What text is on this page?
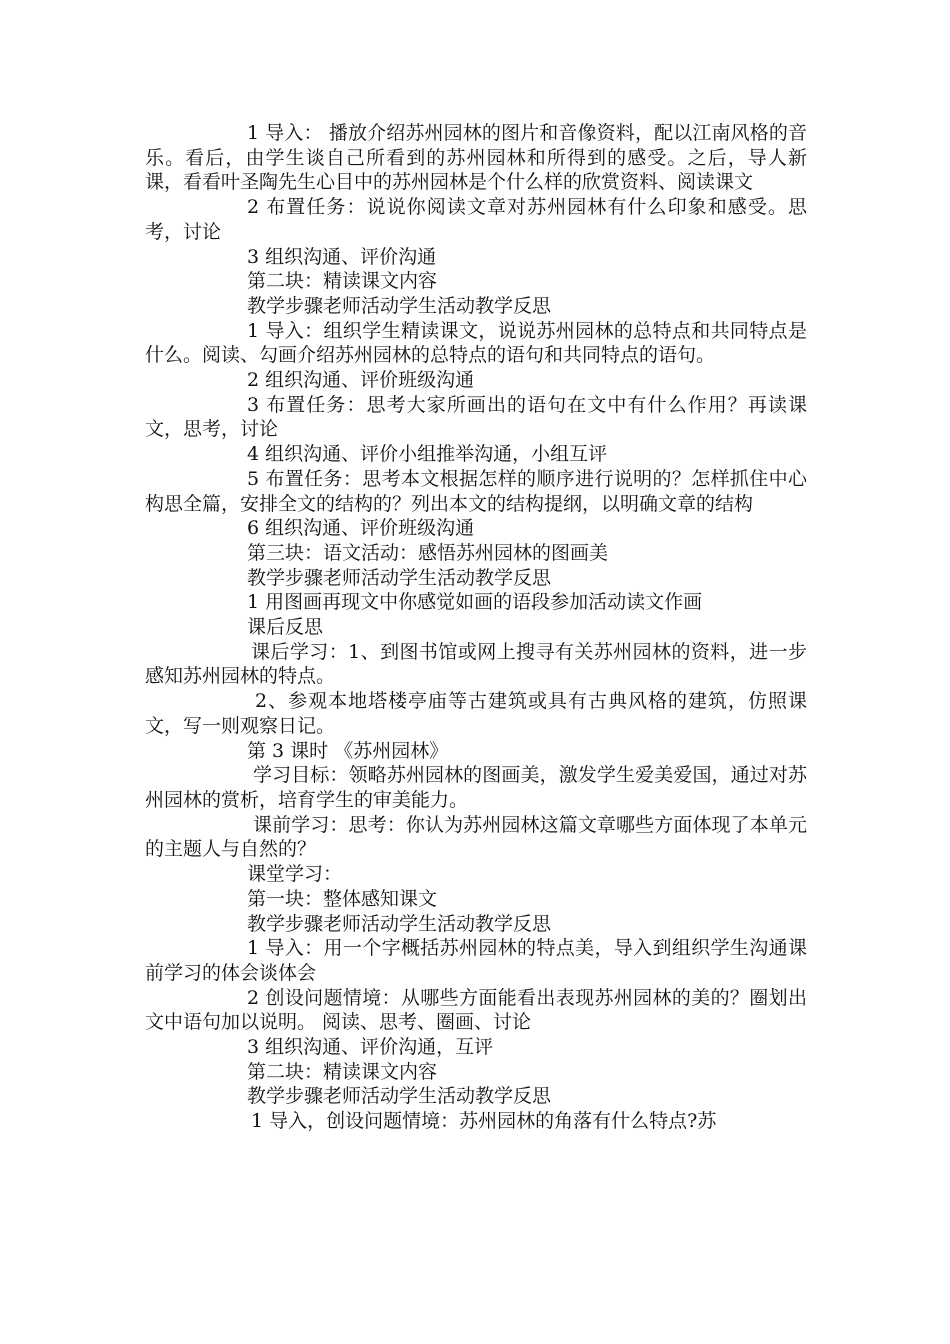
1 导入： 播放介绍苏州园林的图片和音像资料，配以江南风格的音乐。看后，由学生谈自己所看到的苏州园林和所得到的感受。之后，导人新课，看看叶圣陶先生心目中的苏州园林是个什么样的欣赏资料、阅读课文

2 布置任务：说说你阅读文章对苏州园林有什么印象和感受。思考，讨论

3 组织沟通、评价沟通

第二块：精读课文内容

教学步骤老师活动学生活动教学反思

1 导入：组织学生精读课文，说说苏州园林的总特点和共同特点是什么。阅读、勾画介绍苏州园林的总特点的语句和共同特点的语句。

2 组织沟通、评价班级沟通

3 布置任务：思考大家所画出的语句在文中有什么作用？再读课文，思考，讨论

4 组织沟通、评价小组推举沟通，小组互评

5 布置任务：思考本文根据怎样的顺序进行说明的？怎样抓住中心构思全篇，安排全文的结构的？列出本文的结构提纲，以明确文章的结构

6 组织沟通、评价班级沟通

第三块：语文活动：感悟苏州园林的图画美

教学步骤老师活动学生活动教学反思

1 用图画再现文中你感觉如画的语段参加活动读文作画

课后反思

课后学习：1、到图书馆或网上搜寻有关苏州园林的资料，进一步感知苏州园林的特点。

2、参观本地塔楼亭庙等古建筑或具有古典风格的建筑，仿照课文，写一则观察日记。

第 3 课时 《苏州园林》

学习目标：领略苏州园林的图画美，激发学生爱美爱国，通过对苏州园林的赏析，培育学生的审美能力。

课前学习：思考：你认为苏州园林这篇文章哪些方面体现了本单元的主题人与自然的？

课堂学习：

第一块：整体感知课文

教学步骤老师活动学生活动教学反思

1 导入：用一个字概括苏州园林的特点美，导入到组织学生沟通课前学习的体会谈体会

2 创设问题情境：从哪些方面能看出表现苏州园林的美的？圈划出文中语句加以说明。 阅读、思考、圈画、讨论

3 组织沟通、评价沟通，互评

第二块：精读课文内容

教学步骤老师活动学生活动教学反思

1 导入，创设问题情境：苏州园林的角落有什么特点?苏
